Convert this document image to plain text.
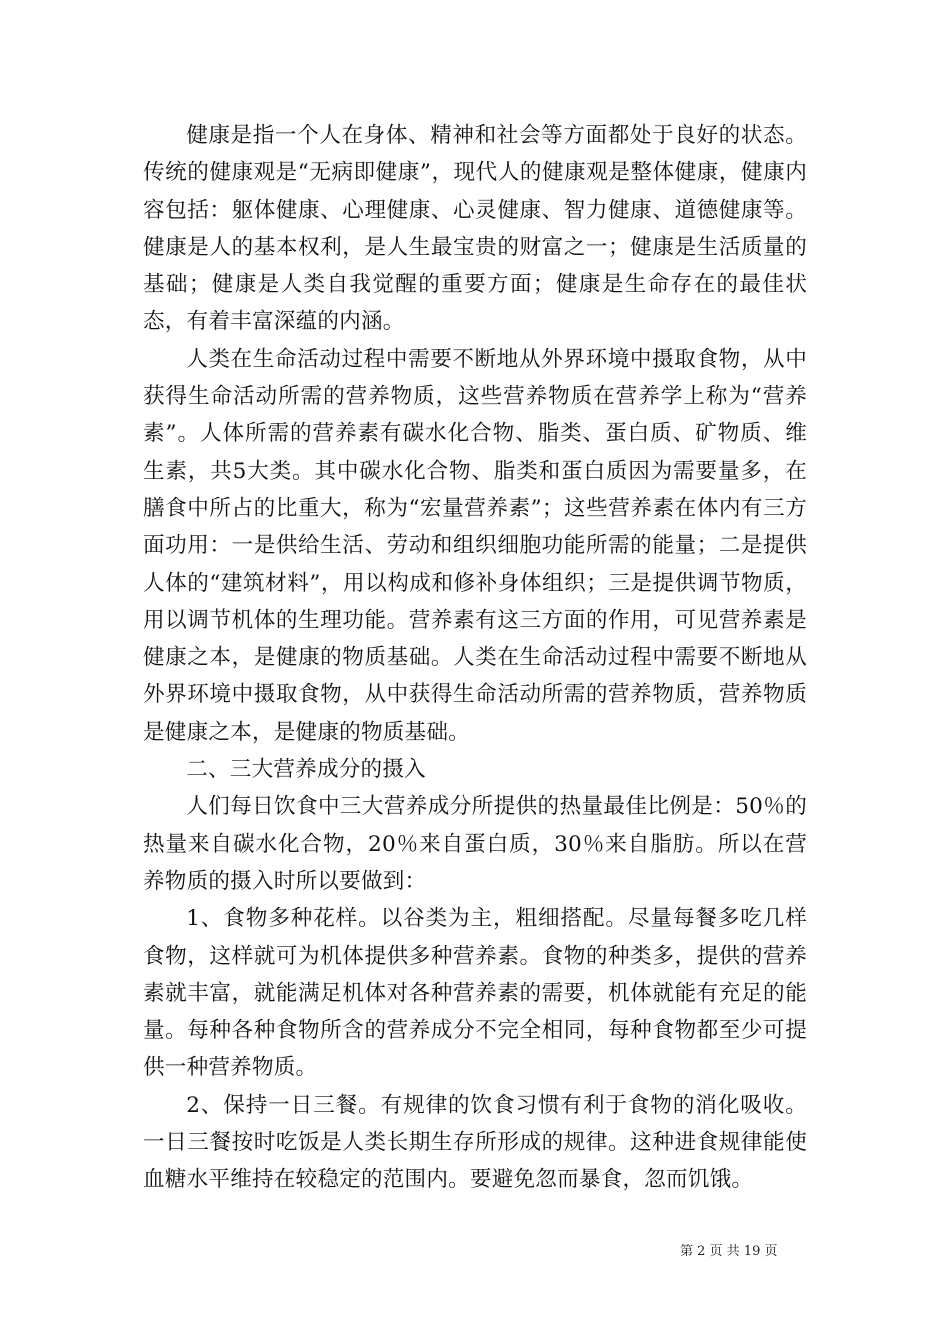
健康是指一个人在身体、精神和社会等方面都处于良好的状态。传统的健康观是“无病即健康”，现代人的健康观是整体健康，健康内容包括：躯体健康、心理健康、心灵健康、智力健康、道德健康等。健康是人的基本权利，是人生最宝贵的财富之一；健康是生活质量的基础；健康是人类自我觉醒的重要方面；健康是生命存在的最佳状态，有着丰富深蕴的内涵。

人类在生命活动过程中需要不断地从外界环境中摄取食物，从中获得生命活动所需的营养物质，这些营养物质在营养学上称为“营养素”。人体所需的营养素有碳水化合物、脂类、蛋白质、矿物质、维生素，共5大类。其中碳水化合物、脂类和蛋白质因为需要量多，在膳食中所占的比重大，称为“宏量营养素”；这些营养素在体内有三方面功用：一是供给生活、劳动和组织细胞功能所需的能量；二是提供人体的“建筑材料”，用以构成和修补身体组织；三是提供调节物质，用以调节机体的生理功能。营养素有这三方面的作用，可见营养素是健康之本，是健康的物质基础。人类在生命活动过程中需要不断地从外界环境中摄取食物，从中获得生命活动所需的营养物质，营养物质是健康之本，是健康的物质基础。

二、三大营养成分的摄入

人们每日饮食中三大营养成分所提供的热量最佳比例是：50％的热量来自碳水化合物，20％来自蛋白质，30％来自脂肪。所以在营养物质的摄入时所以要做到：

1、食物多种花样。以谷类为主，粗细搭配。尽量每餐多吃几样食物，这样就可为机体提供多种营养素。食物的种类多，提供的营养素就丰富，就能满足机体对各种营养素的需要，机体就能有充足的能量。每种各种食物所含的营养成分不完全相同，每种食物都至少可提供一种营养物质。

2、保持一日三餐。有规律的饮食习惯有利于食物的消化吸收。一日三餐按时吃饭是人类长期生存所形成的规律。这种进食规律能使血糖水平维持在较稳定的范围内。要避免忽而暴食，忽而饥饿。

第 2 页 共 19 页
